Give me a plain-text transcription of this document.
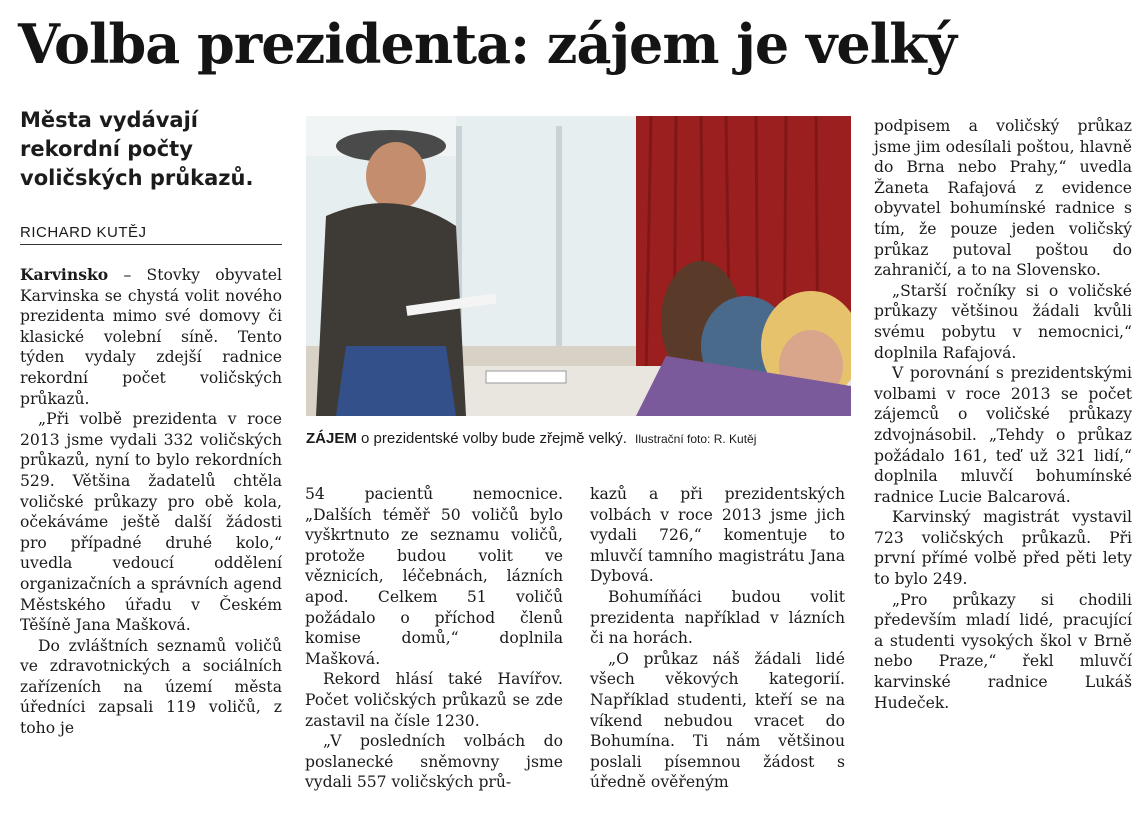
Volba prezidenta: zájem je velký
Města vydávají rekordní počty voličských průkazů.
RICHARD KUTĚJ

Karvinsko – Stovky obyvatel Karvinska se chystá volit nového prezidenta mimo své domovy či klasické volební síně. Tento týden vydaly zdejší radnice rekordní počet voličských průkazů.

„Při volbě prezidenta v roce 2013 jsme vydali 332 voličských průkazů, nyní to bylo rekordních 529. Většina žadatelů chtěla voličské průkazy pro obě kola, očekáváme ještě další žádosti pro případné druhé kolo,“ uvedla vedoucí oddělení organizačních a správních agend Městského úřadu v Českém Těšíně Jana Mašková.

Do zvláštních seznamů voličů ve zdravotnických a sociálních zařízeních na území města úředníci zapsali 119 voličů, z toho je

ZÁJEM o prezidentské volby bude zřejmě velký. Ilustrační foto: R. Kutěj

54 pacientů nemocnice. „Dalších téměř 50 voličů bylo vyškrtnuto ze seznamu voličů, protože budou volit ve věznicích, léčebnách, lázních apod. Celkem 51 voličů požádalo o příchod členů komise domů,“ doplnila Mašková.

Rekord hlásí také Havířov. Počet voličských průkazů se zde zastavil na čísle 1230.

„V posledních volbách do poslanecké sněmovny jsme vydali 557 voličských prů-

kazů a při prezidentských volbách v roce 2013 jsme jich vydali 726,“ komentuje to mluvčí tamního magistrátu Jana Dybová.

Bohumíňáci budou volit prezidenta například v lázních či na horách.

„O průkaz náš žádali lidé všech věkových kategorií. Například studenti, kteří se na víkend nebudou vracet do Bohumína. Ti nám většinou poslali písemnou žádost s úředně ověřeným

podpisem a voličský průkaz jsme jim odesílali poštou, hlavně do Brna nebo Prahy,“ uvedla Žaneta Rafajová z evidence obyvatel bohumínské radnice s tím, že pouze jeden voličský průkaz putoval poštou do zahraničí, a to na Slovensko.

„Starší ročníky si o voličské průkazy většinou žádali kvůli svému pobytu v nemocnici,“ doplnila Rafajová.

V porovnání s prezidentskými volbami v roce 2013 se počet zájemců o voličské průkazy zdvojnásobil. „Tehdy o průkaz požádalo 161, teď už 321 lidí,“ doplnila mluvčí bohumínské radnice Lucie Balcarová.

Karvinský magistrát vystavil 723 voličských průkazů. Při první přímé volbě před pěti lety to bylo 249.

„Pro průkazy si chodili především mladí lidé, pracující a studenti vysokých škol v Brně nebo Praze,“ řekl mluvčí karvinské radnice Lukáš Hudeček.
